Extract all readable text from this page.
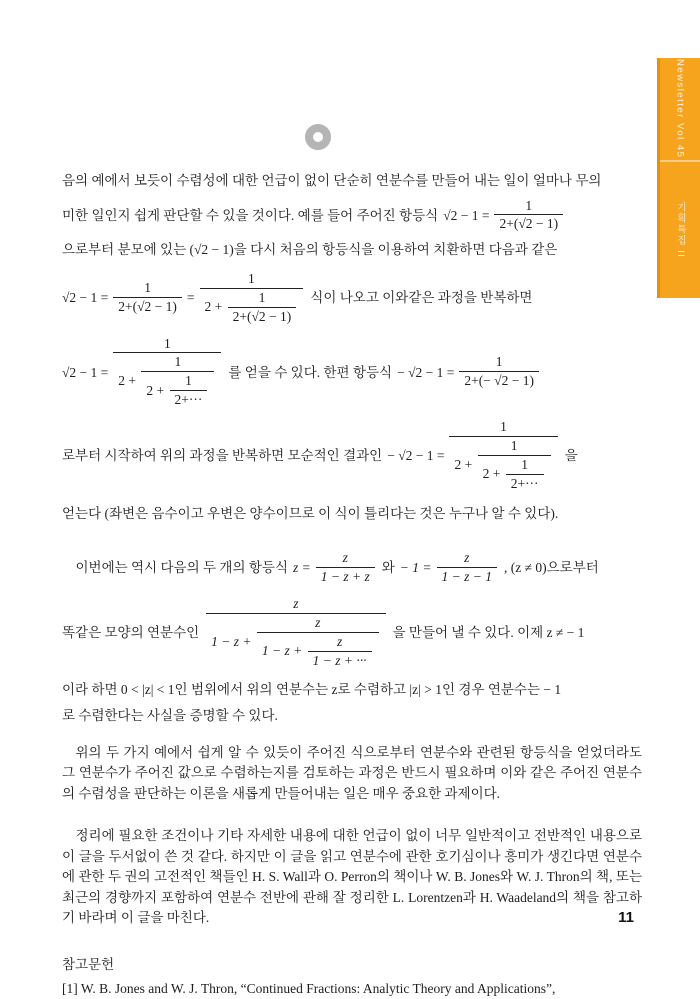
Newsletter Vol 45
기획특집 II
음의 예에서 보듯이 수렴성에 대한 언급이 없이 단순히 연분수를 만들어 내는 일이 얼마나 무의
미한 일인지 쉽게 판단할 수 있을 것이다. 예를 들어 주어진 항등식 $√2 - 1 = \frac{1}{2+(√2 - 1)}$
으로부터 분모에 있는 (√2 − 1)을 다시 처음의 항등식을 이용하여 치환하면 다음과 같은
$√2 - 1 = \frac{1}{2+(√2 - 1)} = \frac{1}{2 + \frac{1}{2+(√2 - 1)}}$ 식이 나오고 이와같은 과정을 반복하면
√2 − 1 =
1
2 +
1
$2 + \frac{1}{2+\cdot\cdot\cdot}$
를 얻을 수 있다. 한편 항등식 − $√2 - 1 = \frac{1}{2+(- √2 - 1)}$
로부터 시작하여 위의 과정을 반복하면 모순적인 결과인 − √2 − 1 =
1
2 +
1
$2 + \frac{1}{2+\cdot\cdot\cdot}$
을
얻는다 (좌변은 음수이고 우변은 양수이므로 이 식이 틀리다는 것은 누구나 알 수 있다).
이번에는 역시 다음의 두 개의 항등식 $z = \frac{z}{1 - z + z}$ 와 − $1 = \frac{z}{1 - z - 1}$ , (z ≠ 0)으로부터
똑같은 모양의 연분수인
z
1 − z +
z
$1 - z + \frac{z}{1 - z + \cdot\cdot\cdot}$
을 만들어 낼 수 있다. 이제 z ≠ − 1
이라 하면 0 < |z| < 1인 범위에서 위의 연분수는 z로 수렴하고 |z| > 1인 경우 연분수는 − 1
로 수렴한다는 사실을 증명할 수 있다.

위의 두 가지 예에서 쉽게 알 수 있듯이 주어진 식으로부터 연분수와 관련된 항등식을 얻었더라도 그 연분수가 주어진 값으로 수렴하는지를 검토하는 과정은 반드시 필요하며 이와 같은 주어진 연분수의 수렴성을 판단하는 이론을 새롭게 만들어내는 일은 매우 중요한 과제이다.

정리에 필요한 조건이나 기타 자세한 내용에 대한 언급이 없이 너무 일반적이고 전반적인 내용으로 이 글을 두서없이 쓴 것 같다. 하지만 이 글을 읽고 연분수에 관한 호기심이나 흥미가 생긴다면 연분수에 관한 두 권의 고전적인 책들인 H. S. Wall과 O. Perron의 책이나 W. B. Jones와 W. J. Thron의 책, 또는 최근의 경향까지 포함하여 연분수 전반에 관해 잘 정리한 L. Lorentzen과 H. Waadeland의 책을 참고하기 바라며 이 글을 마친다.

참고문헌
[1] W. B. Jones and W. J. Thron, “Continued Fractions: Analytic Theory and Applications”,
11
